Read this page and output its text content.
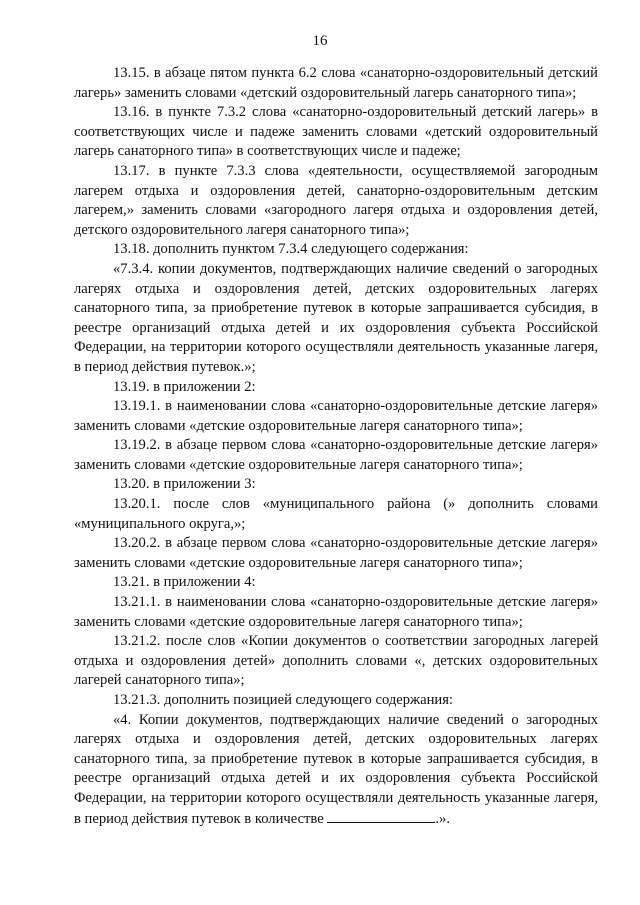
16

13.15. в абзаце пятом пункта 6.2 слова «санаторно-оздоровительный детский лагерь» заменить словами «детский оздоровительный лагерь санаторного типа»;

13.16. в пункте 7.3.2 слова «санаторно-оздоровительный детский лагерь» в соответствующих числе и падеже заменить словами «детский оздоровительный лагерь санаторного типа» в соответствующих числе и падеже;

13.17. в пункте 7.3.3 слова «деятельности, осуществляемой загородным лагерем отдыха и оздоровления детей, санаторно-оздоровительным детским лагерем,» заменить словами «загородного лагеря отдыха и оздоровления детей, детского оздоровительного лагеря санаторного типа»;

13.18. дополнить пунктом 7.3.4 следующего содержания:

«7.3.4. копии документов, подтверждающих наличие сведений о загородных лагерях отдыха и оздоровления детей, детских оздоровительных лагерях санаторного типа, за приобретение путевок в которые запрашивается субсидия, в реестре организаций отдыха детей и их оздоровления субъекта Российской Федерации, на территории которого осуществляли деятельность указанные лагеря, в период действия путевок.»;

13.19. в приложении 2:

13.19.1. в наименовании слова «санаторно-оздоровительные детские лагеря» заменить словами «детские оздоровительные лагеря санаторного типа»;

13.19.2. в абзаце первом слова «санаторно-оздоровительные детские лагеря» заменить словами «детские оздоровительные лагеря санаторного типа»;

13.20. в приложении 3:

13.20.1. после слов «муниципального района (» дополнить словами «муниципального округа,»;

13.20.2. в абзаце первом слова «санаторно-оздоровительные детские лагеря» заменить словами «детские оздоровительные лагеря санаторного типа»;

13.21. в приложении 4:

13.21.1. в наименовании слова «санаторно-оздоровительные детские лагеря» заменить словами «детские оздоровительные лагеря санаторного типа»;

13.21.2. после слов «Копии документов о соответствии загородных лагерей отдыха и оздоровления детей» дополнить словами «, детских оздоровительных лагерей санаторного типа»;

13.21.3. дополнить позицией следующего содержания:

«4. Копии документов, подтверждающих наличие сведений о загородных лагерях отдыха и оздоровления детей, детских оздоровительных лагерях санаторного типа, за приобретение путевок в которые запрашивается субсидия, в реестре организаций отдыха детей и их оздоровления субъекта Российской Федерации, на территории которого осуществляли деятельность указанные лагеря, в период действия путевок в количестве	.».
